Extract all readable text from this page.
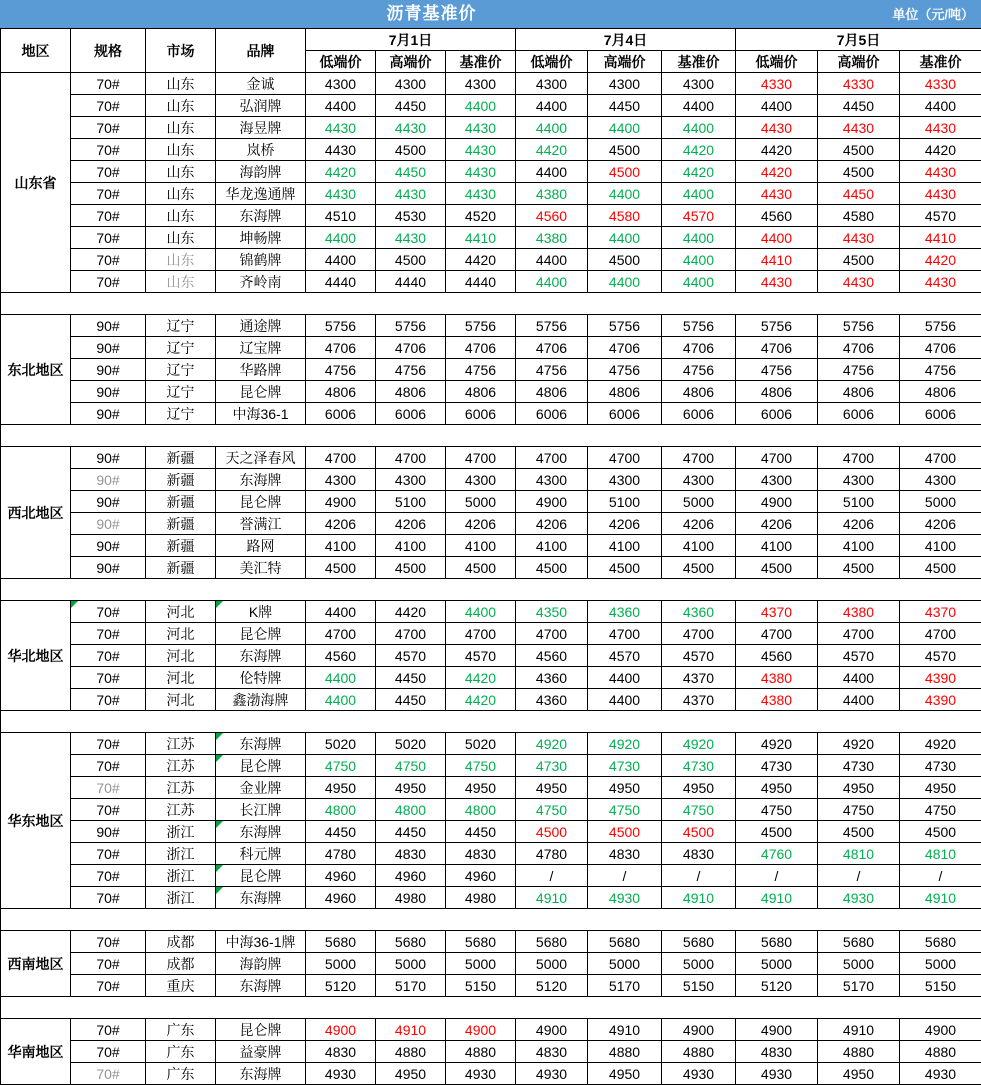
沥青基准价	单位（元/吨）
地区	规格	市场	品牌	7月1日			7月4日			7月5日		
				低端价	高端价	基准价	低端价	高端价	基准价	低端价	高端价	基准价
山东省	70#	山东	金诚	4300	4300	4300	4300	4300	4300	4330	4330	4330
	70#	山东	弘润牌	4400	4450	4400	4400	4450	4400	4400	4450	4400
	70#	山东	海昱牌	4430	4430	4430	4400	4400	4400	4430	4430	4430
	70#	山东	岚桥	4430	4500	4430	4420	4500	4420	4420	4500	4420
	70#	山东	海韵牌	4420	4450	4430	4400	4500	4420	4420	4500	4430
	70#	山东	华龙逸通牌	4430	4430	4430	4380	4400	4400	4430	4450	4430
	70#	山东	东海牌	4510	4530	4520	4560	4580	4570	4560	4580	4570
	70#	山东	坤畅牌	4400	4430	4410	4380	4400	4400	4400	4430	4410
	70#	山东	锦鹤牌	4400	4500	4420	4400	4500	4400	4410	4500	4420
	70#	山东	齐岭南	4440	4440	4440	4400	4400	4400	4430	4430	4430

东北地区	90#	辽宁	通途牌	5756	5756	5756	5756	5756	5756	5756	5756	5756
	90#	辽宁	辽宝牌	4706	4706	4706	4706	4706	4706	4706	4706	4706
	90#	辽宁	华路牌	4756	4756	4756	4756	4756	4756	4756	4756	4756
	90#	辽宁	昆仑牌	4806	4806	4806	4806	4806	4806	4806	4806	4806
	90#	辽宁	中海36-1	6006	6006	6006	6006	6006	6006	6006	6006	6006

西北地区	90#	新疆	天之泽春风	4700	4700	4700	4700	4700	4700	4700	4700	4700
	90#	新疆	东海牌	4300	4300	4300	4300	4300	4300	4300	4300	4300
	90#	新疆	昆仑牌	4900	5100	5000	4900	5100	5000	4900	5100	5000
	90#	新疆	誉满江	4206	4206	4206	4206	4206	4206	4206	4206	4206
	90#	新疆	路网	4100	4100	4100	4100	4100	4100	4100	4100	4100
	90#	新疆	美汇特	4500	4500	4500	4500	4500	4500	4500	4500	4500

华北地区	70#	河北	K牌	4400	4420	4400	4350	4360	4360	4370	4380	4370
	70#	河北	昆仑牌	4700	4700	4700	4700	4700	4700	4700	4700	4700
	70#	河北	东海牌	4560	4570	4570	4560	4570	4570	4560	4570	4570
	70#	河北	伦特牌	4400	4450	4420	4360	4400	4370	4380	4400	4390
	70#	河北	鑫渤海牌	4400	4450	4420	4360	4400	4370	4380	4400	4390

华东地区	70#	江苏	东海牌	5020	5020	5020	4920	4920	4920	4920	4920	4920
	70#	江苏	昆仑牌	4750	4750	4750	4730	4730	4730	4730	4730	4730
	70#	江苏	金业牌	4950	4950	4950	4950	4950	4950	4950	4950	4950
	70#	江苏	长江牌	4800	4800	4800	4750	4750	4750	4750	4750	4750
	90#	浙江	东海牌	4450	4450	4450	4500	4500	4500	4500	4500	4500
	70#	浙江	科元牌	4780	4830	4830	4780	4830	4830	4760	4810	4810
	70#	浙江	昆仑牌	4960	4960	4960	/	/	/	/	/	/
	70#	浙江	东海牌	4960	4980	4980	4910	4930	4910	4910	4930	4910

西南地区	70#	成都	中海36-1牌	5680	5680	5680	5680	5680	5680	5680	5680	5680
	70#	成都	海韵牌	5000	5000	5000	5000	5000	5000	5000	5000	5000
	70#	重庆	东海牌	5120	5170	5150	5120	5170	5150	5120	5170	5150

华南地区	70#	广东	昆仑牌	4900	4910	4900	4900	4910	4900	4900	4910	4900
	70#	广东	益豪牌	4830	4880	4880	4830	4880	4880	4830	4880	4880
	70#	广东	东海牌	4930	4950	4930	4930	4950	4930	4930	4950	4930
